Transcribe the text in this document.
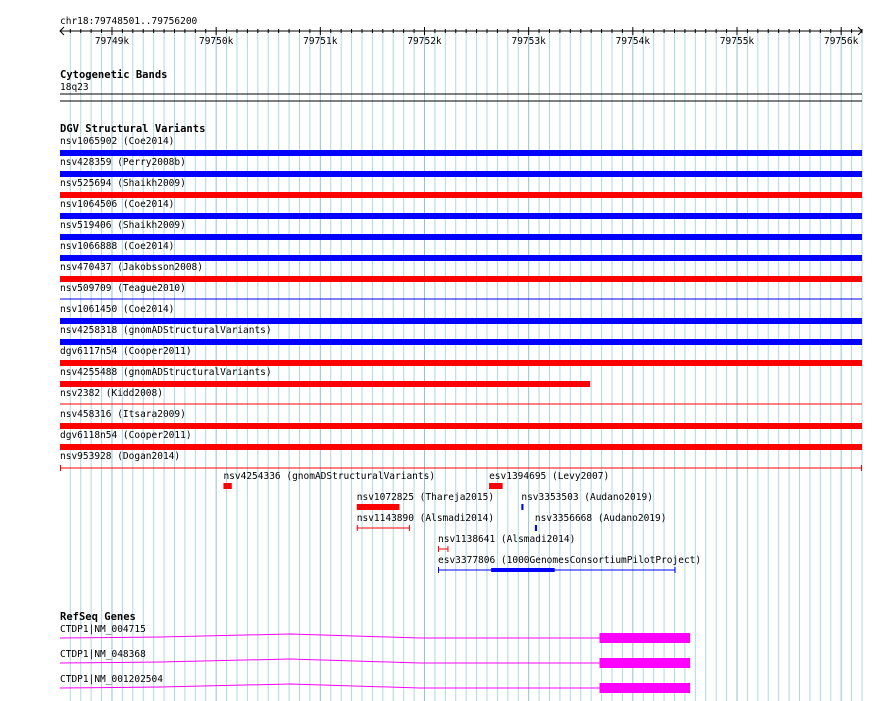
chr18:79748501..79756200
79749k	79750k	79751k	79752k	79753k	79754k	79755k	79756k
Cytogenetic Bands
18q23
DGV Structural Variants
nsv1065902 (Coe2014)
nsv428359 (Perry2008b)
nsv525694 (Shaikh2009)
nsv1064506 (Coe2014)
nsv519406 (Shaikh2009)
nsv1066888 (Coe2014)
nsv470437 (Jakobsson2008)
nsv509709 (Teague2010)
nsv1061450 (Coe2014)
nsv4258318 (gnomADStructuralVariants)
dgv6117n54 (Cooper2011)
nsv4255488 (gnomADStructuralVariants)
nsv2382 (Kidd2008)
nsv458316 (Itsara2009)
dgv6118n54 (Cooper2011)
nsv953928 (Dogan2014)
nsv4254336 (gnomADStructuralVariants)	esv1394695 (Levy2007)
nsv1072825 (Thareja2015)	nsv3353503 (Audano2019)
nsv1143890 (Alsmadi2014)	nsv3356668 (Audano2019)
nsv1138641 (Alsmadi2014)
esv3377806 (1000GenomesConsortiumPilotProject)
RefSeq Genes
CTDP1|NM_004715
CTDP1|NM_048368
CTDP1|NM_001202504
